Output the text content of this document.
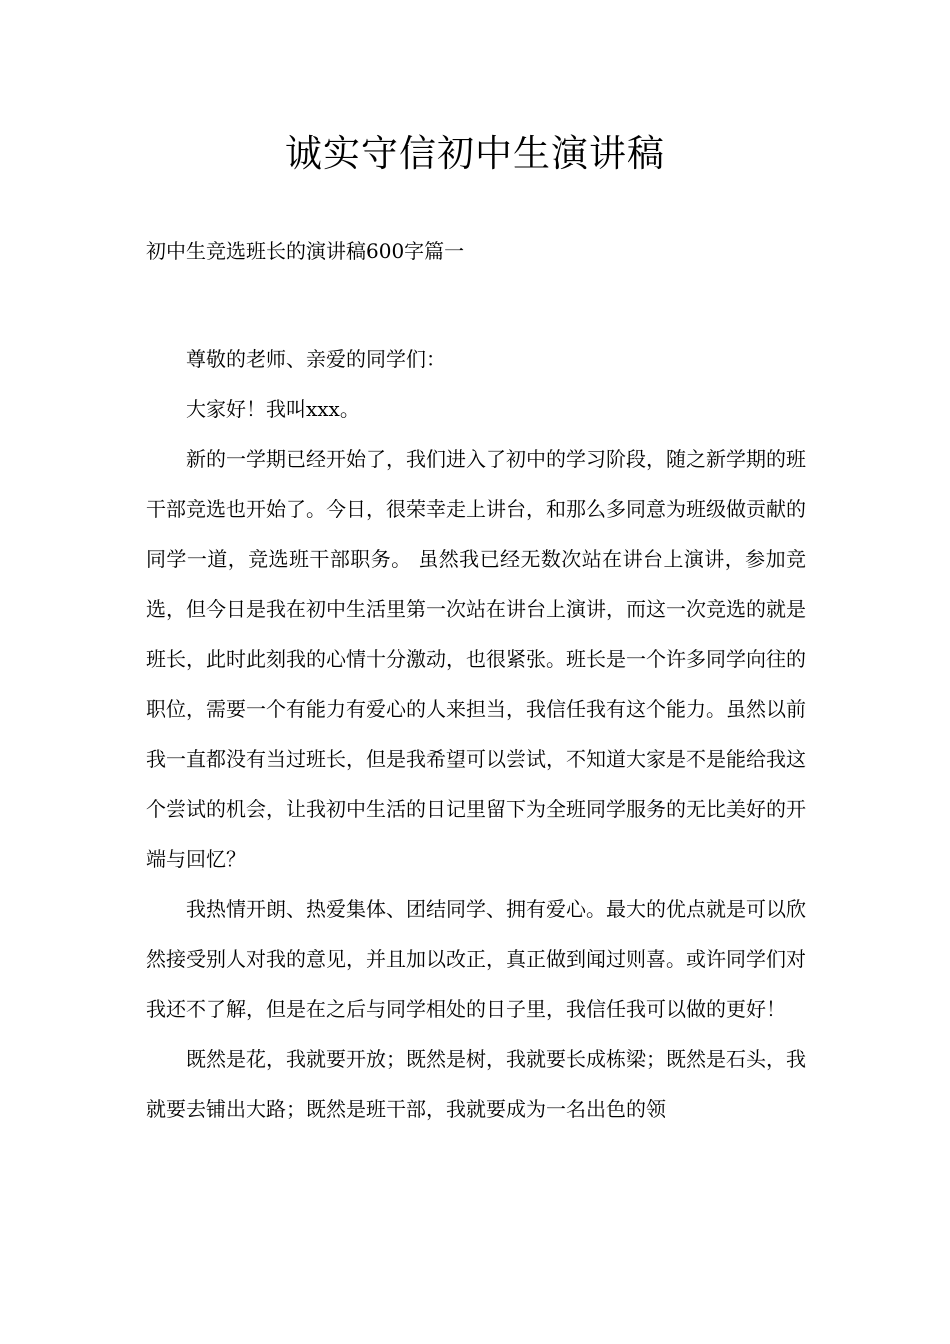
诚实守信初中生演讲稿
初中生竞选班长的演讲稿600字篇一

尊敬的老师、亲爱的同学们：

大家好！我叫xxx。

新的一学期已经开始了，我们进入了初中的学习阶段，随之新学期的班干部竞选也开始了。今日，很荣幸走上讲台，和那么多同意为班级做贡献的同学一道，竞选班干部职务。 虽然我已经无数次站在讲台上演讲，参加竞选，但今日是我在初中生活里第一次站在讲台上演讲，而这一次竞选的就是班长，此时此刻我的心情十分激动，也很紧张。班长是一个许多同学向往的职位，需要一个有能力有爱心的人来担当，我信任我有这个能力。虽然以前我一直都没有当过班长，但是我希望可以尝试，不知道大家是不是能给我这个尝试的机会，让我初中生活的日记里留下为全班同学服务的无比美好的开端与回忆？

我热情开朗、热爱集体、团结同学、拥有爱心。最大的优点就是可以欣然接受别人对我的意见，并且加以改正，真正做到闻过则喜。或许同学们对我还不了解，但是在之后与同学相处的日子里，我信任我可以做的更好！

既然是花，我就要开放；既然是树，我就要长成栋梁；既然是石头，我就要去铺出大路；既然是班干部，我就要成为一名出色的领
